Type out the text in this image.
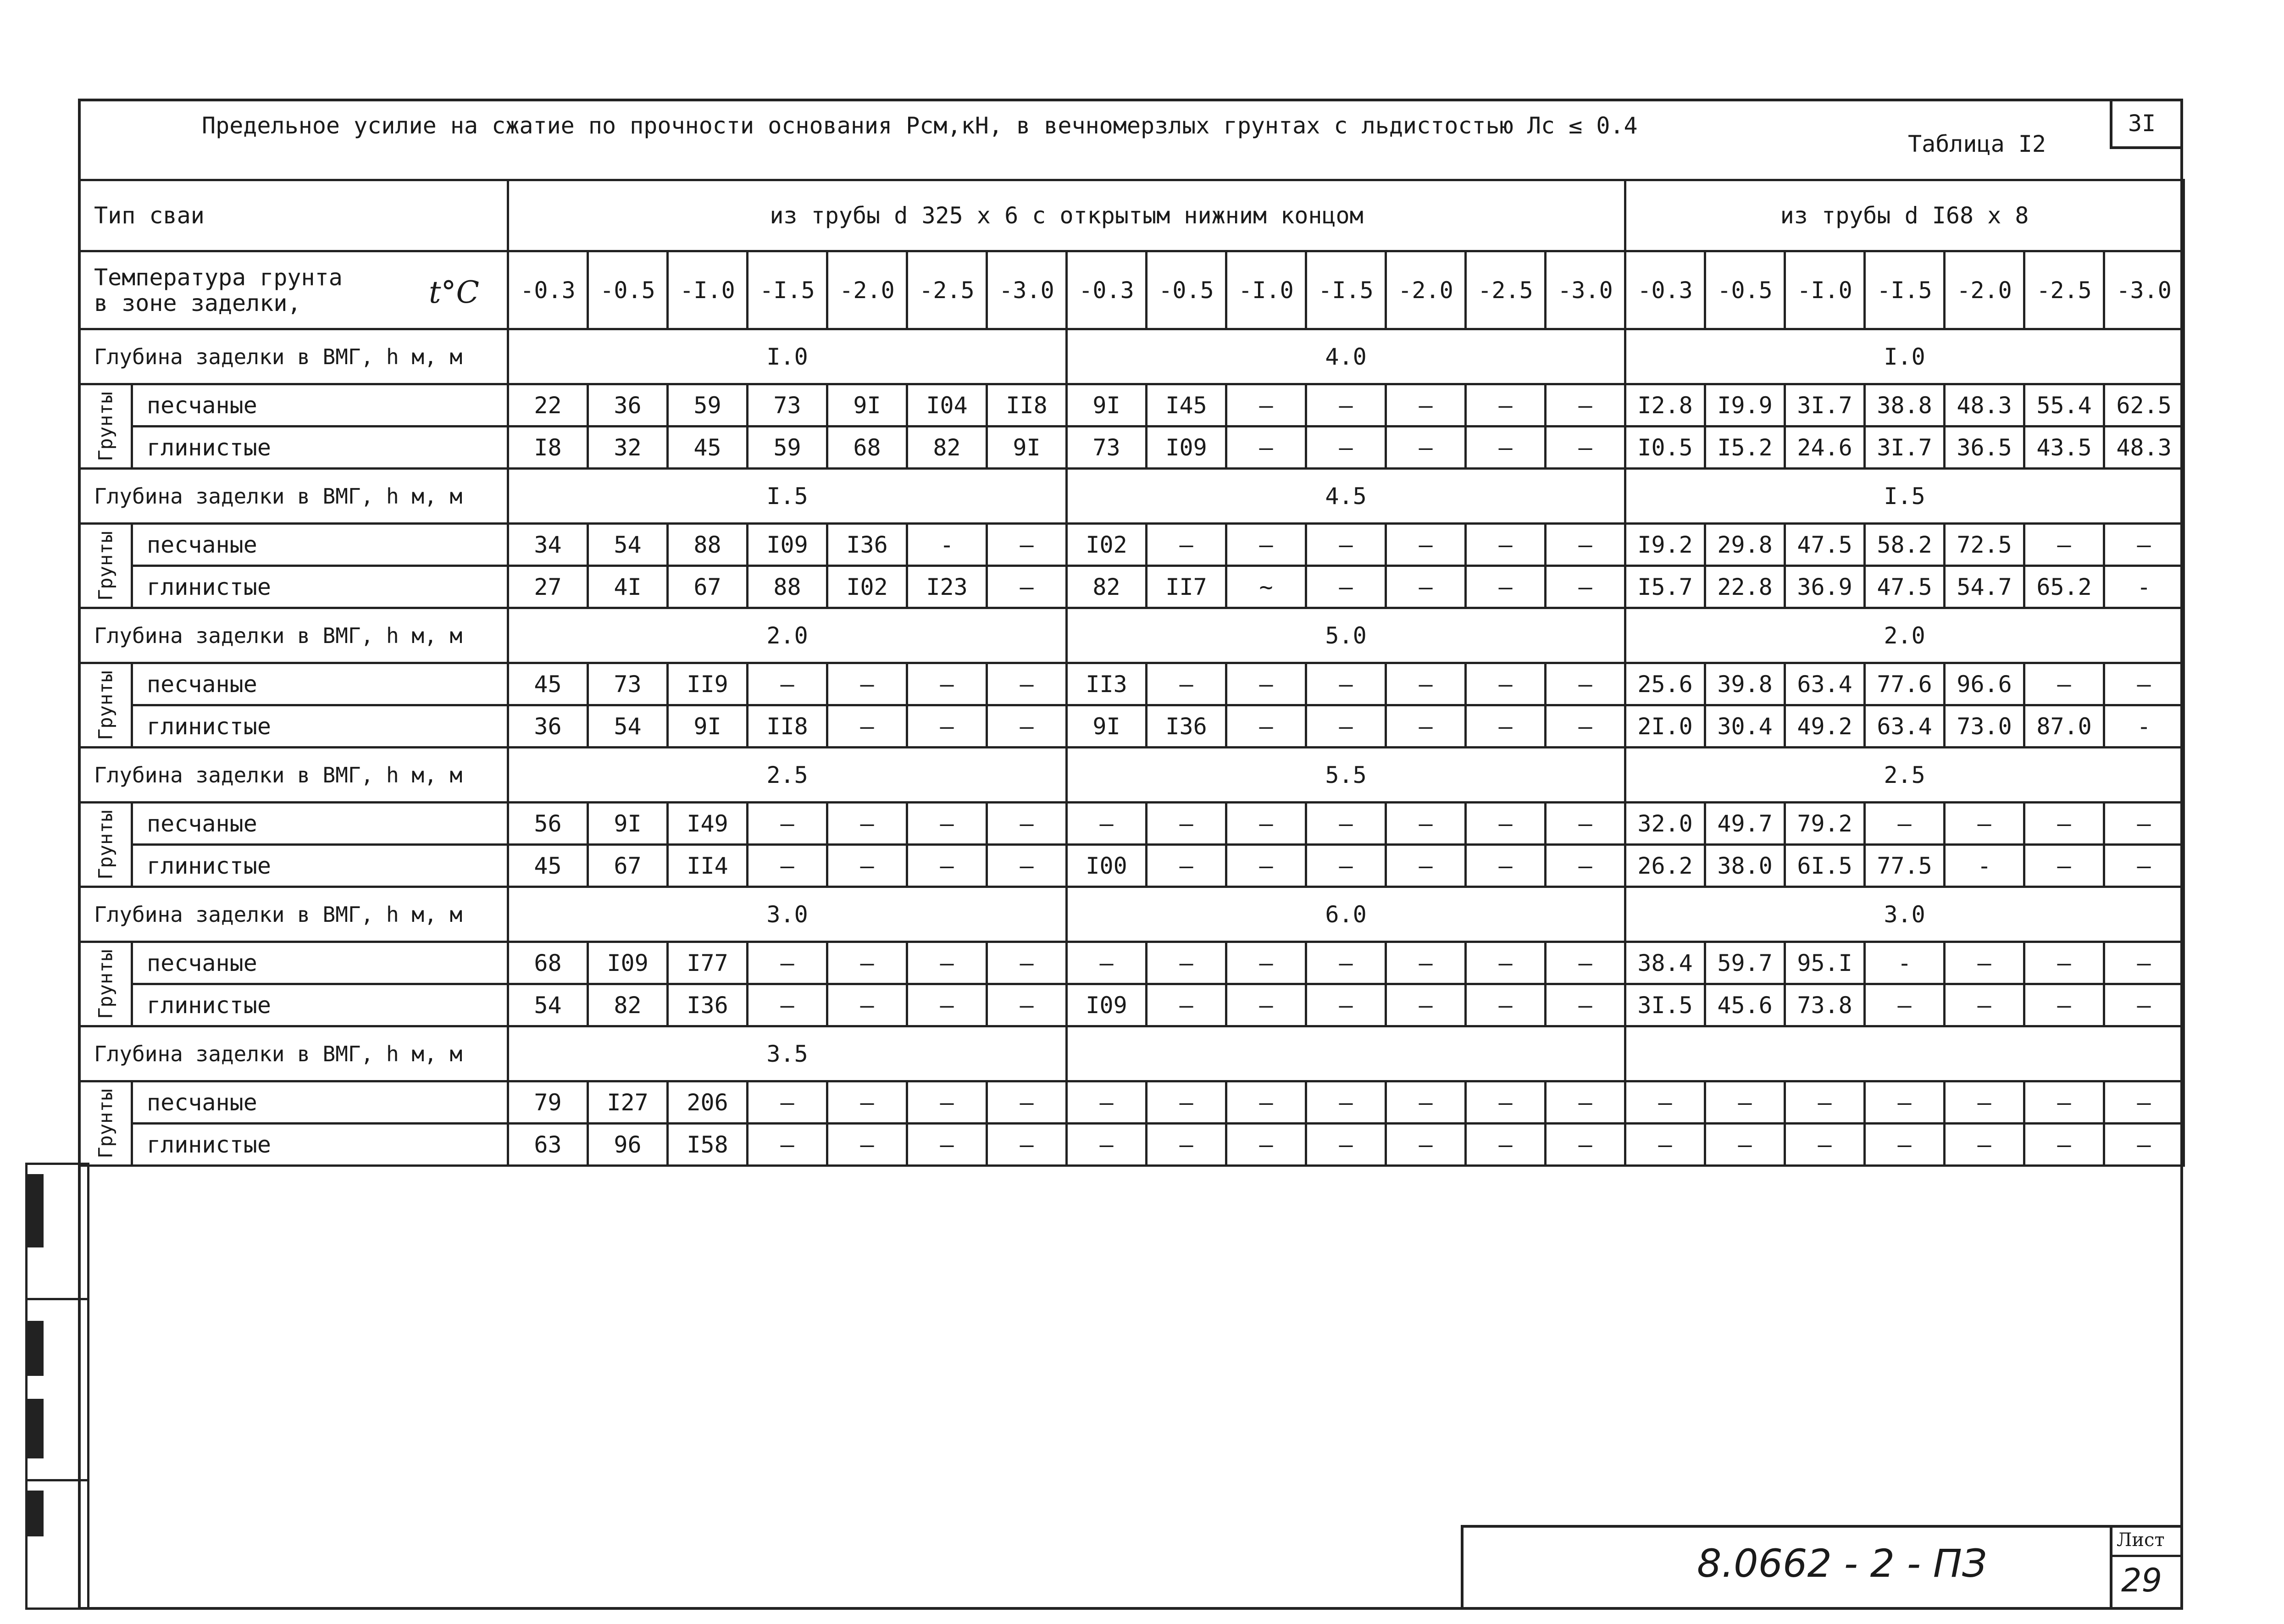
Предельное усилие на сжатие по прочности основания Рсм,кН, в вечномерзлых грунтах с льдистостью Лс ≤ 0.4
Таблица I2
3I
Тип сваи		из трубы d 325 х 6 с открытым нижним концом														из трубы d I68 х 8						

Температура грунта
в зоне заделки, t°C		-0.3	-0.5	-I.0	-I.5	-2.0	-2.5	-3.0	-0.3	-0.5	-I.0	-I.5	-2.0	-2.5	-3.0	-0.3	-0.5	-I.0	-I.5	-2.0	-2.5	-3.0
Глубина заделки в ВМГ, h м, м		I.0							4.0							I.0						

Грунты	песчаные	22	36	59	73	9I	I04	II8	9I	I45	–	–	–	–	–	I2.8	I9.9	3I.7	38.8	48.3	55.4	62.5
	глинистые	I8	32	45	59	68	82	9I	73	I09	–	–	–	–	–	I0.5	I5.2	24.6	3I.7	36.5	43.5	48.3
Глубина заделки в ВМГ, h м, м		I.5							4.5							I.5						

Грунты	песчаные	34	54	88	I09	I36	-	–	I02	–	–	–	–	–	–	I9.2	29.8	47.5	58.2	72.5	–	–
	глинистые	27	4I	67	88	I02	I23	–	82	II7	~	–	–	–	–	I5.7	22.8	36.9	47.5	54.7	65.2	-
Глубина заделки в ВМГ, h м, м		2.0							5.0							2.0						

Грунты	песчаные	45	73	II9	–	–	–	–	II3	–	–	–	–	–	–	25.6	39.8	63.4	77.6	96.6	–	–
	глинистые	36	54	9I	II8	–	–	–	9I	I36	–	–	–	–	–	2I.0	30.4	49.2	63.4	73.0	87.0	-
Глубина заделки в ВМГ, h м, м		2.5							5.5							2.5						

Грунты	песчаные	56	9I	I49	–	–	–	–	–	–	–	–	–	–	–	32.0	49.7	79.2	–	–	–	–
	глинистые	45	67	II4	–	–	–	–	I00	–	–	–	–	–	–	26.2	38.0	6I.5	77.5	-	–	–
Глубина заделки в ВМГ, h м, м		3.0							6.0							3.0						

Грунты	песчаные	68	I09	I77	–	–	–	–	–	–	–	–	–	–	–	38.4	59.7	95.I	-	–	–	–
	глинистые	54	82	I36	–	–	–	–	I09	–	–	–	–	–	–	3I.5	45.6	73.8	–	–	–	–
Глубина заделки в ВМГ, h м, м		3.5																				

Грунты	песчаные	79	I27	206	–	–	–	–	–	–	–	–	–	–	–	–	–	–	–	–	–	–
	глинистые	63	96	I58	–	–	–	–	–	–	–	–	–	–	–	–	–	–	–	–	–	–
8.0662 - 2 - ПЗ
Лист
29
